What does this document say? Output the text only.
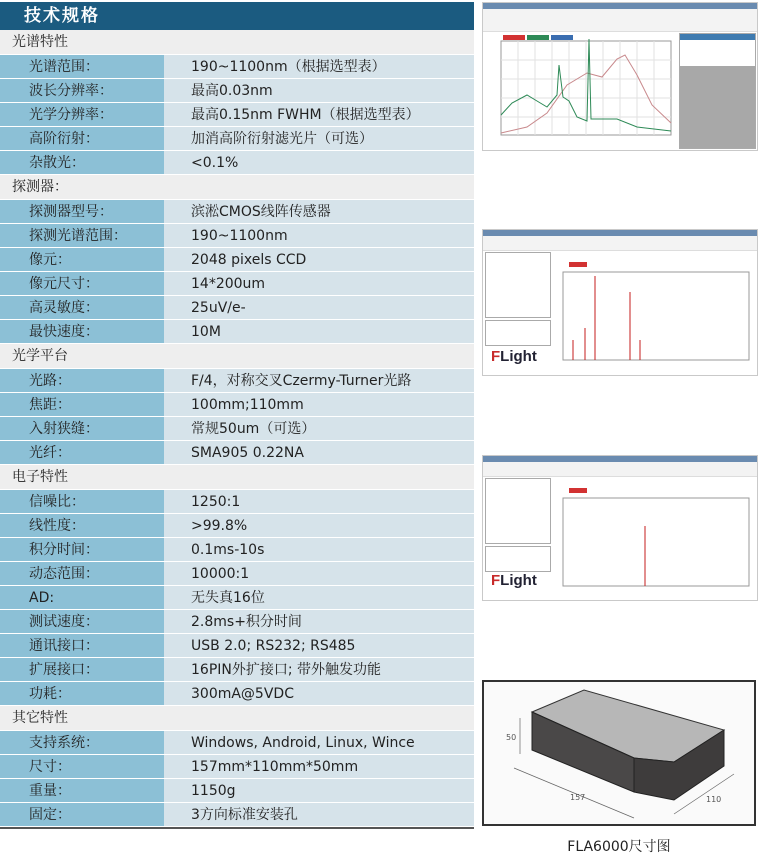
技术规格
光谱特性
光谱范围：	190~1100nm（根据选型表）
波长分辨率：	最高0.03nm
光学分辨率：	最高0.15nm FWHM（根据选型表）
高阶衍射：	加消高阶衍射滤光片（可选）
杂散光：	<0.1%
探测器：
探测器型号：	滨淞CMOS线阵传感器
探测光谱范围：	190~1100nm
像元：	2048 pixels CCD
像元尺寸：	14*200um
高灵敏度：	25uV/e-
最快速度：	10M
光学平台
光路：	F/4，对称交叉Czermy-Turner光路
焦距：	100mm;110mm
入射狭缝：	常规50um（可选）
光纤：	SMA905 0.22NA
电子特性
信噪比：	1250:1
线性度：	>99.8%
积分时间：	0.1ms-10s
动态范围：	10000:1
AD:	无失真16位
测试速度：	2.8ms+积分时间
通讯接口：	USB 2.0; RS232; RS485
扩展接口：	16PIN外扩接口; 带外触发功能
功耗：	300mA@5VDC
其它特性
支持系统：	Windows, Android, Linux, Wince
尺寸：	157mm*110mm*50mm
重量：	1150g
固定：	3方向标准安装孔
FLight
FLight
50
157	110
FLA6000尺寸图
